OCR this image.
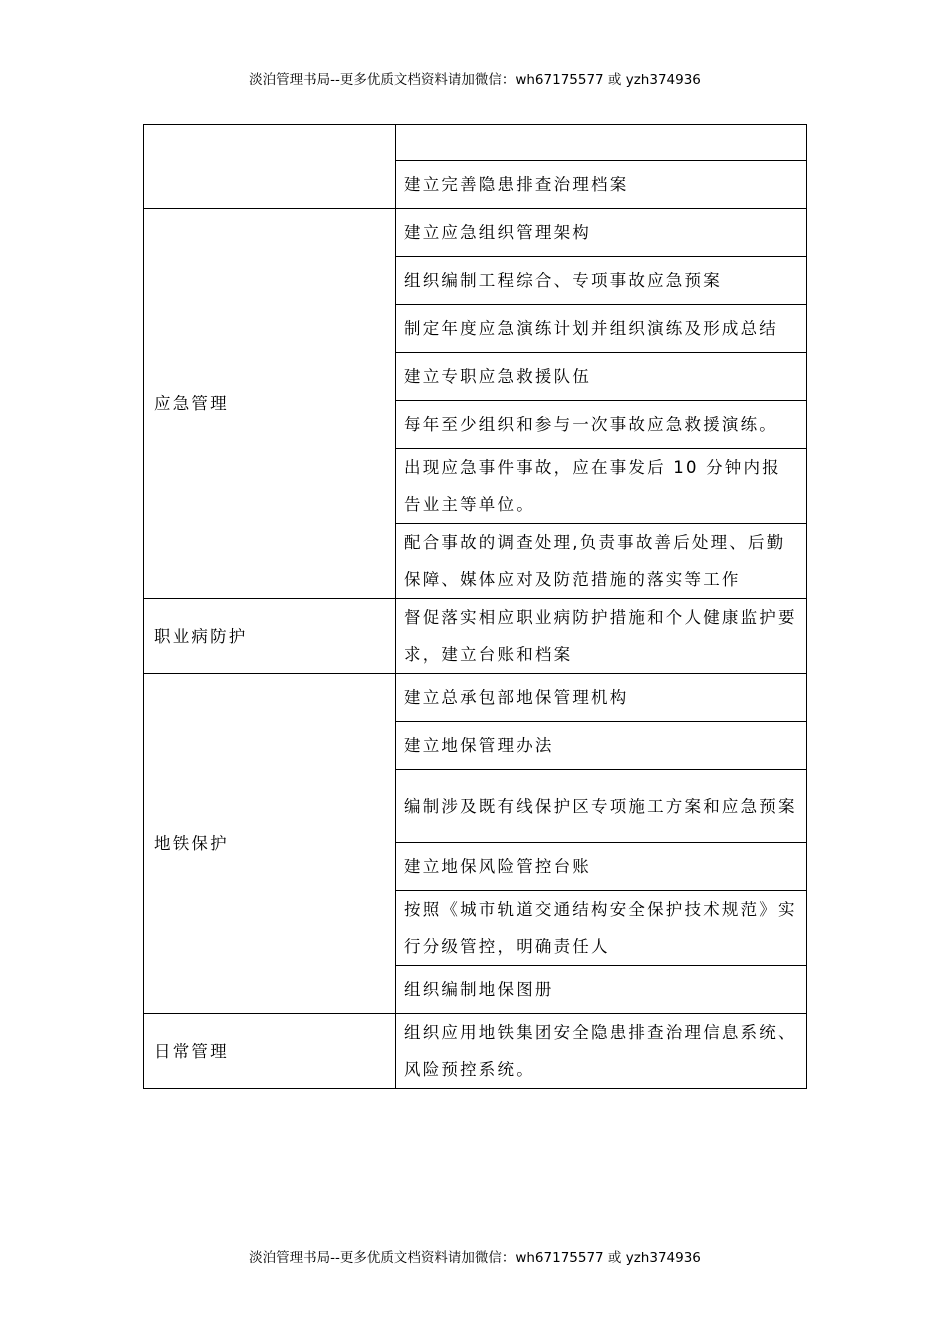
淡泊管理书局--更多优质文档资料请加微信：wh67175577 或 yzh374936

	建立完善隐患排查治理档案
应急管理	建立应急组织管理架构
	组织编制工程综合、专项事故应急预案
	制定年度应急演练计划并组织演练及形成总结
	建立专职应急救援队伍
	每年至少组织和参与一次事故应急救援演练。
	出现应急事件事故，应在事发后 10 分钟内报告业主等单位。
	配合事故的调查处理,负责事故善后处理、后勤保障、媒体应对及防范措施的落实等工作
职业病防护	督促落实相应职业病防护措施和个人健康监护要求，建立台账和档案
地铁保护	建立总承包部地保管理机构
	建立地保管理办法
	编制涉及既有线保护区专项施工方案和应急预案
	建立地保风险管控台账
	按照《城市轨道交通结构安全保护技术规范》实行分级管控，明确责任人
	组织编制地保图册
日常管理	组织应用地铁集团安全隐患排查治理信息系统、风险预控系统。
淡泊管理书局--更多优质文档资料请加微信：wh67175577 或 yzh374936
